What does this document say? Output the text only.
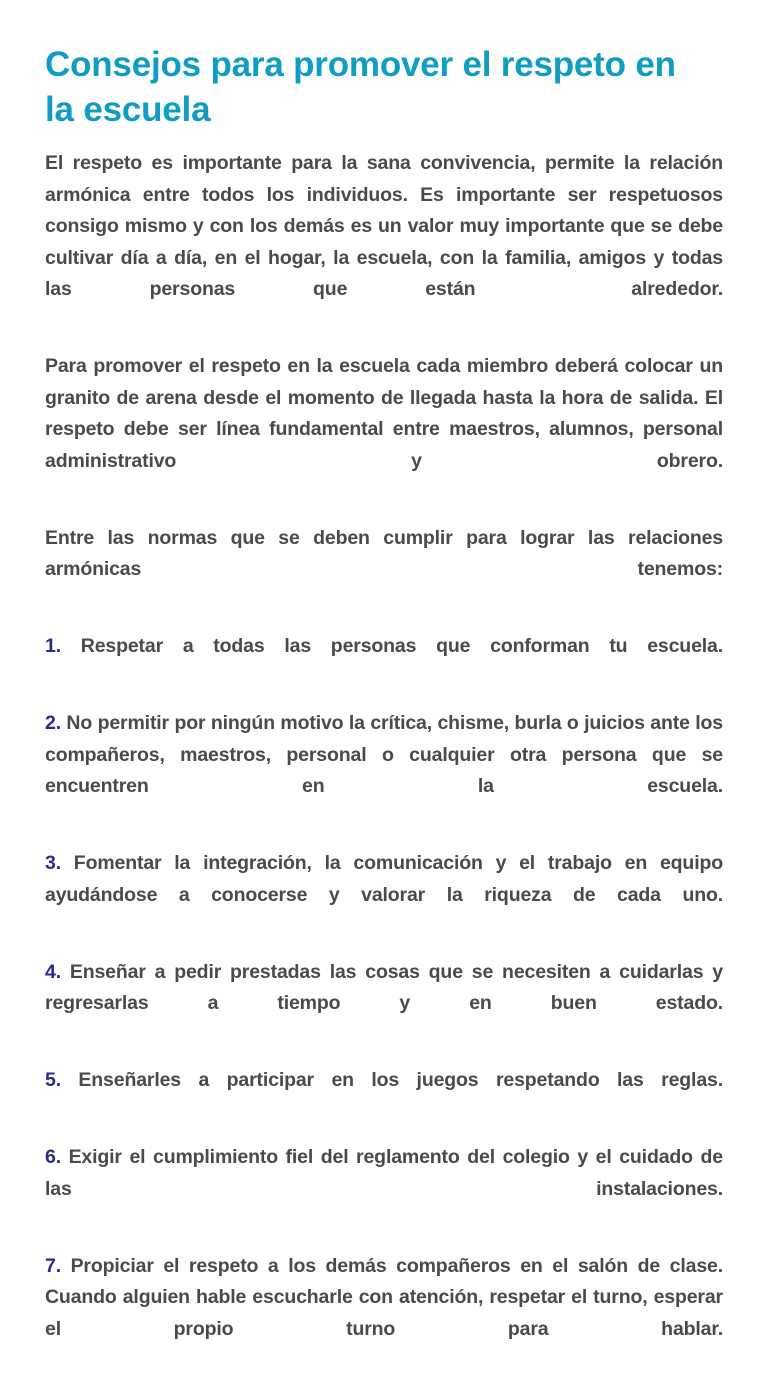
Consejos para promover el respeto en la escuela

El respeto es importante para la sana convivencia, permite la relación armónica entre todos los individuos. Es importante ser respetuosos consigo mismo y con los demás es un valor muy importante que se debe cultivar día a día, en el hogar, la escuela, con la familia, amigos y todas las personas que están  alrededor.

Para promover el respeto en la escuela cada miembro deberá colocar un granito de arena desde el momento de llegada hasta la hora de salida. El respeto debe ser línea fundamental entre maestros, alumnos, personal administrativo y obrero.

Entre las normas que se deben cumplir para lograr las relaciones armónicas tenemos:

1. Respetar a todas las personas que conforman tu escuela.

2. No permitir por ningún motivo la crítica, chisme, burla o juicios ante los compañeros, maestros, personal o cualquier otra persona que se encuentren en la escuela.

3. Fomentar la integración, la comunicación y el trabajo en equipo ayudándose a conocerse y valorar la riqueza de cada uno.

4. Enseñar a pedir prestadas las cosas que se necesiten a cuidarlas y regresarlas a tiempo y en buen estado.

5. Enseñarles a participar en los juegos respetando las reglas.

6. Exigir el cumplimiento fiel del reglamento del colegio y el cuidado de las instalaciones.

7. Propiciar el respeto a los demás compañeros en el salón de clase. Cuando alguien hable escucharle con atención, respetar el turno, esperar el propio turno para hablar.
